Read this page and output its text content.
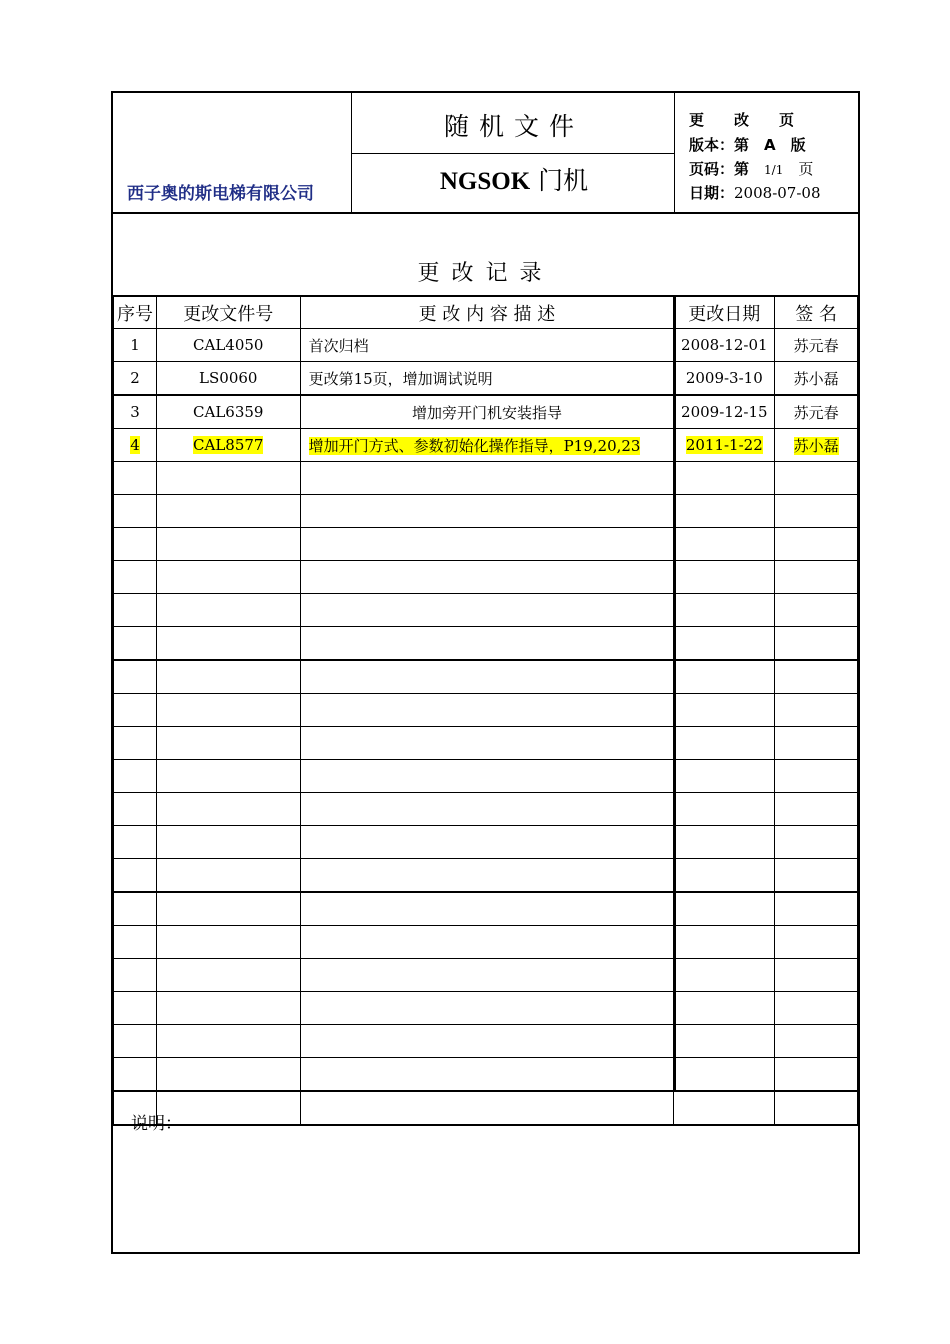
西子奥的斯电梯有限公司
随机文件
NGSOK 门机
更　　改　　页
版本：第　A　版
页码：第　1/1　页
日期：2008-07-08
更改记录
序号	更改文件号	更 改 内 容 描 述	更改日期	签 名
1	CAL4050	首次归档	2008-12-01	苏元春
2	LS0060	更改第15页，增加调试说明	2009-3-10	苏小磊
3	CAL6359	增加旁开门机安装指导	2009-12-15	苏元春
4	CAL8577	增加开门方式、参数初始化操作指导，P19,20,23	2011-1-22	苏小磊

说明：
